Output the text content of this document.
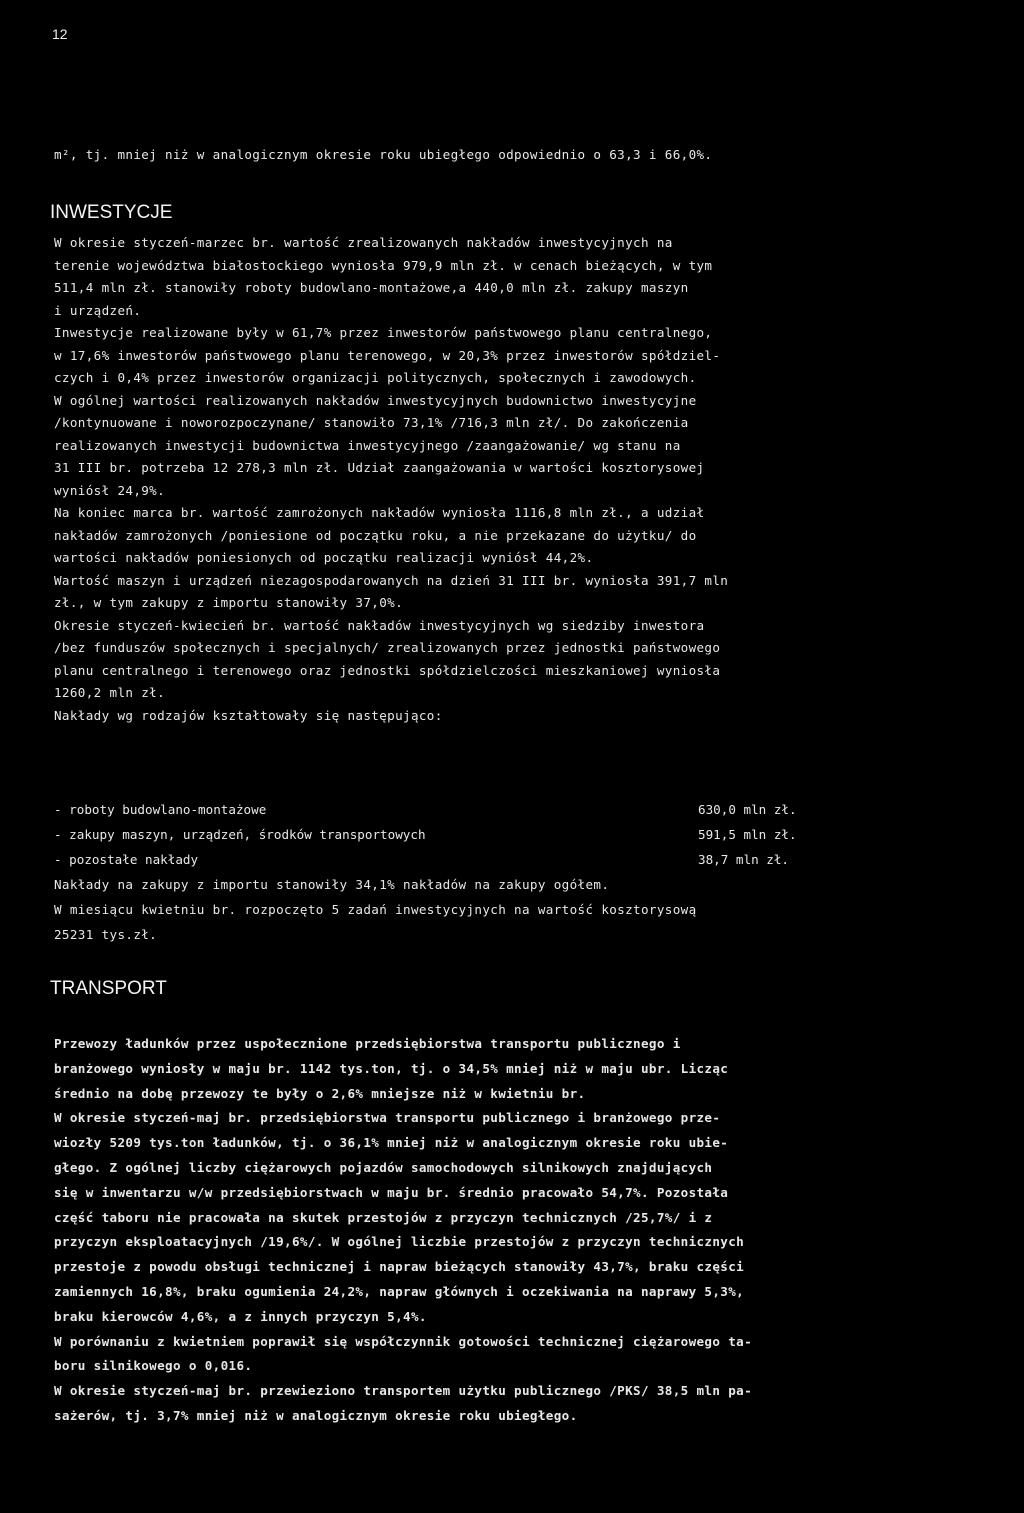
12
m², tj. mniej niż w analogicznym okresie roku ubiegłego odpowiednio o 63,3 i 66,0%.
INWESTYCJE
W okresie styczeń-marzec br. wartość zrealizowanych nakładów inwestycyjnych na
terenie województwa białostockiego wyniosła 979,9 mln zł. w cenach bieżących, w tym
511,4 mln zł. stanowiły roboty budowlano-montażowe,a 440,0 mln zł. zakupy maszyn
i urządzeń.
Inwestycje realizowane były w 61,7% przez inwestorów państwowego planu centralnego,
w 17,6% inwestorów państwowego planu terenowego, w 20,3% przez inwestorów spółdziel-
czych i 0,4% przez inwestorów organizacji politycznych, społecznych i zawodowych.
W ogólnej wartości realizowanych nakładów inwestycyjnych budownictwo inwestycyjne
/kontynuowane i noworozpoczynane/ stanowiło 73,1% /716,3 mln zł/. Do zakończenia
realizowanych inwestycji budownictwa inwestycyjnego /zaangażowanie/ wg stanu na
31 III br. potrzeba 12 278,3 mln zł. Udział zaangażowania w wartości kosztorysowej
wyniósł 24,9%.
Na koniec marca br. wartość zamrożonych nakładów wyniosła 1116,8 mln zł., a udział
nakładów zamrożonych /poniesione od początku roku, a nie przekazane do użytku/ do
wartości nakładów poniesionych od początku realizacji wyniósł 44,2%.
Wartość maszyn i urządzeń niezagospodarowanych na dzień 31 III br. wyniosła 391,7 mln
zł., w tym zakupy z importu stanowiły 37,0%.
Okresie styczeń-kwiecień br. wartość nakładów inwestycyjnych wg siedziby inwestora
/bez funduszów społecznych i specjalnych/ zrealizowanych przez jednostki państwowego
planu centralnego i terenowego oraz jednostki spółdzielczości mieszkaniowej wyniosła
1260,2 mln zł.
Nakłady wg rodzajów kształtowały się następująco:
- roboty budowlano-montażowe	630,0 mln zł.
- zakupy maszyn, urządzeń, środków transportowych	591,5 mln zł.
- pozostałe nakłady	38,7 mln zł.
Nakłady na zakupy z importu stanowiły 34,1% nakładów na zakupy ogółem.
W miesiącu kwietniu br. rozpoczęto 5 zadań inwestycyjnych na wartość kosztorysową
25231 tys.zł.
TRANSPORT
Przewozy ładunków przez uspołecznione przedsiębiorstwa transportu publicznego i
branżowego wyniosły w maju br. 1142 tys.ton, tj. o 34,5% mniej niż w maju ubr. Licząc
średnio na dobę przewozy te były o 2,6% mniejsze niż w kwietniu br.
W okresie styczeń-maj br. przedsiębiorstwa transportu publicznego i branżowego prze-
wiozły 5209 tys.ton ładunków, tj. o 36,1% mniej niż w analogicznym okresie roku ubie-
głego. Z ogólnej liczby ciężarowych pojazdów samochodowych silnikowych znajdujących
się w inwentarzu w/w przedsiębiorstwach w maju br. średnio pracowało 54,7%. Pozostała
część taboru nie pracowała na skutek przestojów z przyczyn technicznych /25,7%/ i z
przyczyn eksploatacyjnych /19,6%/. W ogólnej liczbie przestojów z przyczyn technicznych
przestoje z powodu obsługi technicznej i napraw bieżących stanowiły 43,7%, braku części
zamiennych 16,8%, braku ogumienia 24,2%, napraw głównych i oczekiwania na naprawy 5,3%,
braku kierowców 4,6%, a z innych przyczyn 5,4%.
W porównaniu z kwietniem poprawił się współczynnik gotowości technicznej ciężarowego ta-
boru silnikowego o 0,016.
W okresie styczeń-maj br. przewieziono transportem użytku publicznego /PKS/ 38,5 mln pa-
sażerów, tj. 3,7% mniej niż w analogicznym okresie roku ubiegłego.
